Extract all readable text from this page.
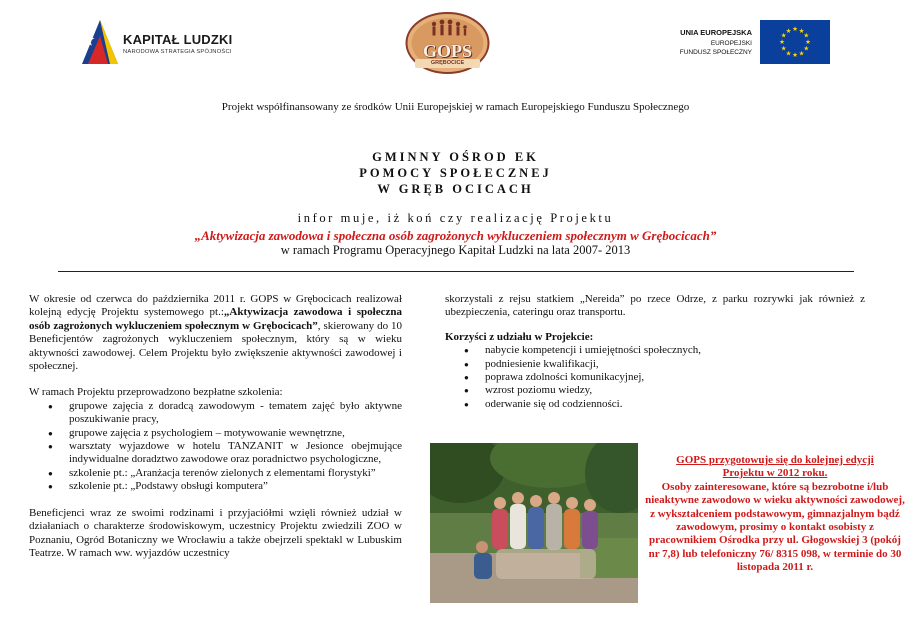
KAPITAŁ LUDZKI
NARODOWA STRATEGIA SPÓJNOŚCI	GOPS
GRĘBOCICE
UNIA EUROPEJSKA
EUROPEJSKI
FUNDUSZ SPOŁECZNY
★ ★
★
★
★
★
★
★
★
★
★
★
Projekt współfinansowany ze środków Unii Europejskiej w ramach Europejskiego Funduszu Społecznego
GMINNY OŚROD EK
POMOCY SPOŁECZNEJ
W GRĘB OCICACH
infor muje, iż koń czy realizację Projektu
„Aktywizacja zawodowa i społeczna osób zagrożonych wykluczeniem społecznym w Grębocicach”
w ramach Programu Operacyjnego Kapitał Ludzki na lata 2007- 2013

W okresie od czerwca do października 2011 r. GOPS w Grębocicach realizował kolejną edycję Projektu systemowego pt.:„Aktywizacja zawodowa i społeczna osób zagrożonych wykluczeniem społecznym w Grębocicach”, skierowany do 10 Beneficjentów zagrożonych wykluczeniem społecznym, który są w wieku aktywności zawodowej. Celem Projektu było zwiększenie aktywności zawodowej i społecznej.

W ramach Projektu przeprowadzono bezpłatne szkolenia:

● grupowe zajęcia z doradcą zawodowym - tematem zajęć było aktywne poszukiwanie pracy,
● grupowe zajęcia z psychologiem – motywowanie wewnętrzne,
● warsztaty wyjazdowe w hotelu TANZANIT w Jesionce obejmujące indywidualne doradztwo zawodowe oraz poradnictwo psychologiczne,
● szkolenie pt.: „Aranżacja terenów zielonych z elementami florystyki”
● szkolenie pt.: „Podstawy obsługi komputera”

Beneficjenci wraz ze swoimi rodzinami i przyjaciółmi wzięli również udział w działaniach o charakterze środowiskowym, uczestnicy Projektu zwiedzili ZOO w Poznaniu, Ogród Botaniczny we Wrocławiu a także obejrzeli spektakl w Lubuskim Teatrze. W ramach ww. wyjazdów uczestnicy

skorzystali z rejsu statkiem „Nereida” po rzece Odrze, z parku rozrywki jak również z ubezpieczenia, cateringu oraz transportu.

Korzyści z udziału w Projekcie:

● nabycie kompetencji i umiejętności społecznych,
● podniesienie kwalifikacji,
● poprawa zdolności komunikacyjnej,
● wzrost poziomu wiedzy,
● oderwanie się od codzienności.
GOPS przygotowuje się do kolejnej edycji
Projektu w 2012 roku.
Osoby zainteresowane, które są bezrobotne i/lub nieaktywne zawodowo w wieku aktywności zawodowej, z wykształceniem podstawowym, gimnazjalnym bądź zawodowym, prosimy o kontakt osobisty z pracownikiem Ośrodka przy ul. Głogowskiej 3 (pokój nr 7,8) lub telefoniczny 76/ 8315 098, w terminie do 30 listopada 2011 r.
